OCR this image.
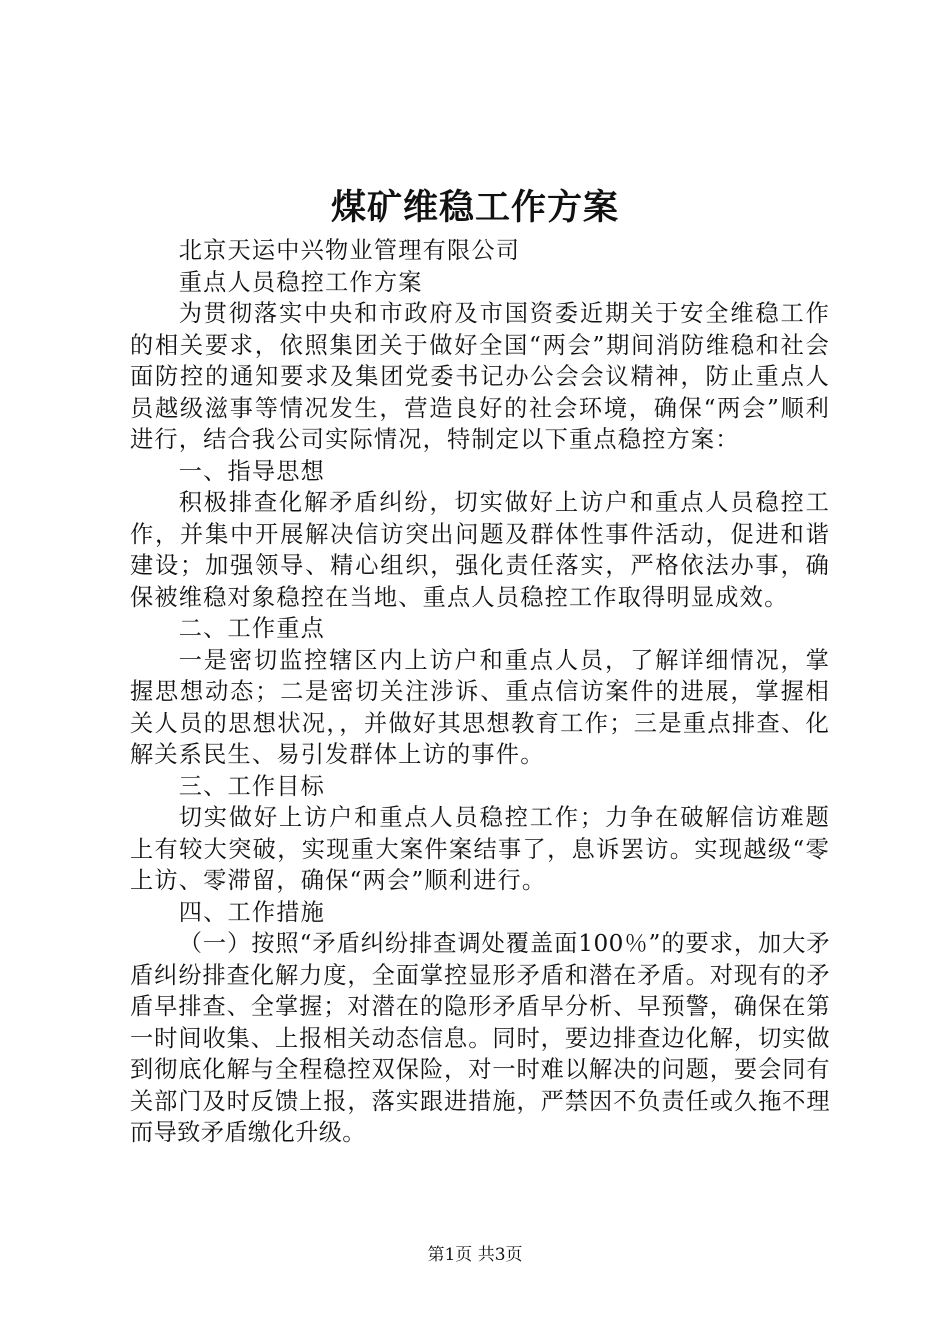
煤矿维稳工作方案

北京天运中兴物业管理有限公司

重点人员稳控工作方案

为贯彻落实中央和市政府及市国资委近期关于安全维稳工作的相关要求，依照集团关于做好全国“两会”期间消防维稳和社会面防控的通知要求及集团党委书记办公会会议精神，防止重点人员越级滋事等情况发生，营造良好的社会环境，确保“两会”顺利进行，结合我公司实际情况，特制定以下重点稳控方案：

一、指导思想

积极排查化解矛盾纠纷，切实做好上访户和重点人员稳控工作，并集中开展解决信访突出问题及群体性事件活动，促进和谐建设；加强领导、精心组织，强化责任落实，严格依法办事，确保被维稳对象稳控在当地、重点人员稳控工作取得明显成效。

二、工作重点

一是密切监控辖区内上访户和重点人员，了解详细情况，掌握思想动态；二是密切关注涉诉、重点信访案件的进展，掌握相关人员的思想状况，，并做好其思想教育工作；三是重点排查、化解关系民生、易引发群体上访的事件。

三、工作目标

切实做好上访户和重点人员稳控工作；力争在破解信访难题上有较大突破，实现重大案件案结事了，息诉罢访。实现越级“零上访、零滞留，确保“两会”顺利进行。

四、工作措施

（一）按照“矛盾纠纷排查调处覆盖面100％”的要求，加大矛盾纠纷排查化解力度，全面掌控显形矛盾和潜在矛盾。对现有的矛盾早排查、全掌握；对潜在的隐形矛盾早分析、早预警，确保在第一时间收集、上报相关动态信息。同时，要边排查边化解，切实做到彻底化解与全程稳控双保险，对一时难以解决的问题，要会同有关部门及时反馈上报，落实跟进措施，严禁因不负责任或久拖不理而导致矛盾缴化升级。

第1页 共3页
